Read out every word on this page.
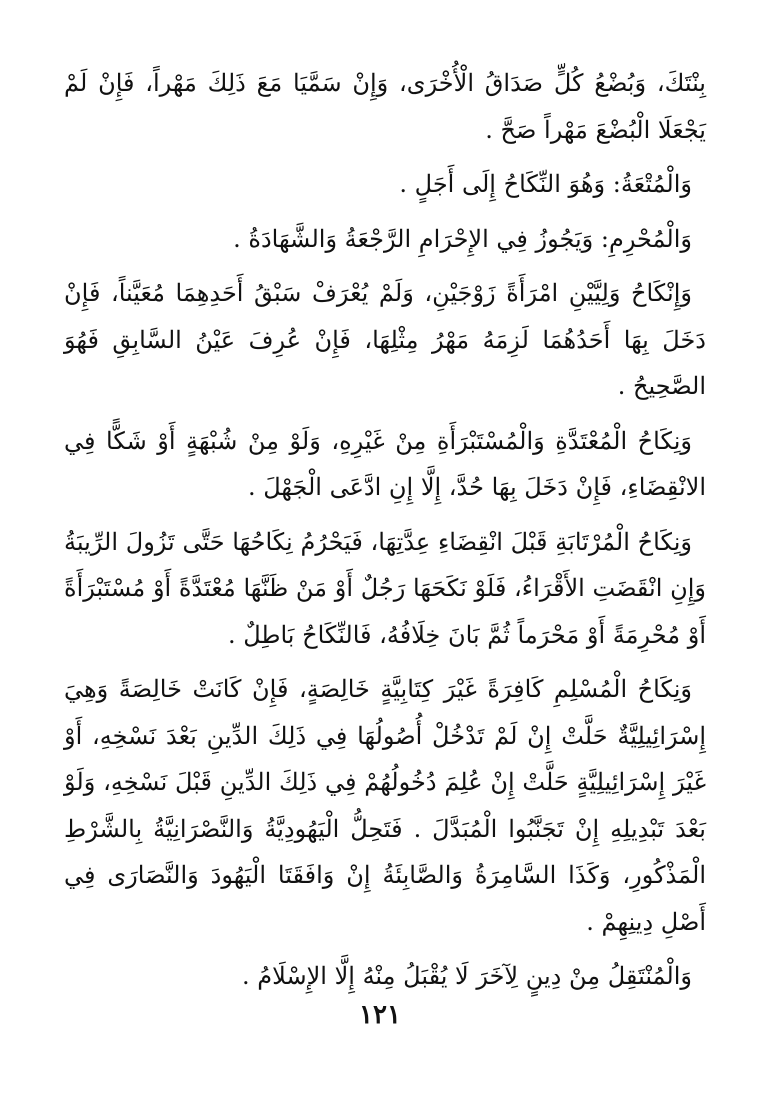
بِنْتَكَ، وَبُضْعُ كُلٍّ صَدَاقُ الْأُخْرَى، وَإِنْ سَمَّيَا مَعَ ذَلِكَ مَهْراً، فَإِنْ لَمْ يَجْعَلَا الْبُضْعَ مَهْراً صَحَّ .

وَالْمُتْعَةُ: وَهُوَ النِّكَاحُ إِلَى أَجَلٍ .

وَالْمُحْرِمِ: وَيَجُوزُ فِي الإِحْرَامِ الرَّجْعَةُ وَالشَّهَادَةُ .

وَإِنْكَاحُ وَلِيَّيْنِ امْرَأَةً زَوْجَيْنِ، وَلَمْ يُعْرَفْ سَبْقُ أَحَدِهِمَا مُعَيَّناً، فَإِنْ دَخَلَ بِهَا أَحَدُهُمَا لَزِمَهُ مَهْرُ مِثْلِهَا، فَإِنْ عُرِفَ عَيْنُ السَّابِقِ فَهُوَ الصَّحِيحُ .

وَنِكَاحُ الْمُعْتَدَّةِ وَالْمُسْتَبْرَأَةِ مِنْ غَيْرِهِ، وَلَوْ مِنْ شُبْهَةٍ أَوْ شَكًّا فِي الانْقِضَاءِ، فَإِنْ دَخَلَ بِهَا حُدَّ، إِلَّا إِنِ ادَّعَى الْجَهْلَ .

وَنِكَاحُ الْمُرْتَابَةِ قَبْلَ انْقِضَاءِ عِدَّتِهَا، فَيَحْرُمُ نِكَاحُهَا حَتَّى تَزُولَ الرِّيبَةُ وَإِنِ انْقَضَتِ الأَقْرَاءُ، فَلَوْ نَكَحَهَا رَجُلٌ أَوْ مَنْ ظَنَّهَا مُعْتَدَّةً أَوْ مُسْتَبْرَأَةً أَوْ مُحْرِمَةً أَوْ مَحْرَماً ثُمَّ بَانَ خِلَافُهُ، فَالنِّكَاحُ بَاطِلٌ .

وَنِكَاحُ الْمُسْلِمِ كَافِرَةً غَيْرَ كِتَابِيَّةٍ خَالِصَةٍ، فَإِنْ كَانَتْ خَالِصَةً وَهِيَ إِسْرَائِيلِيَّةٌ حَلَّتْ إِنْ لَمْ تَدْخُلْ أُصُولُهَا فِي ذَلِكَ الدِّينِ بَعْدَ نَسْخِهِ، أَوْ غَيْرَ إِسْرَائِيلِيَّةٍ حَلَّتْ إِنْ عُلِمَ دُخُولُهُمْ فِي ذَلِكَ الدِّينِ قَبْلَ نَسْخِهِ، وَلَوْ بَعْدَ تَبْدِيلِهِ إِنْ تَجَنَّبُوا الْمُبَدَّلَ . فَتَحِلُّ الْيَهُودِيَّةُ وَالنَّصْرَانِيَّةُ بِالشَّرْطِ الْمَذْكُورِ، وَكَذَا السَّامِرَةُ وَالصَّابِئَةُ إِنْ وَافَقَتَا الْيَهُودَ وَالنَّصَارَى فِي أَصْلِ دِينِهِمْ .

وَالْمُنْتَقِلُ مِنْ دِينٍ لِآخَرَ لَا يُقْبَلُ مِنْهُ إِلَّا الإِسْلَامُ .

١٢١
